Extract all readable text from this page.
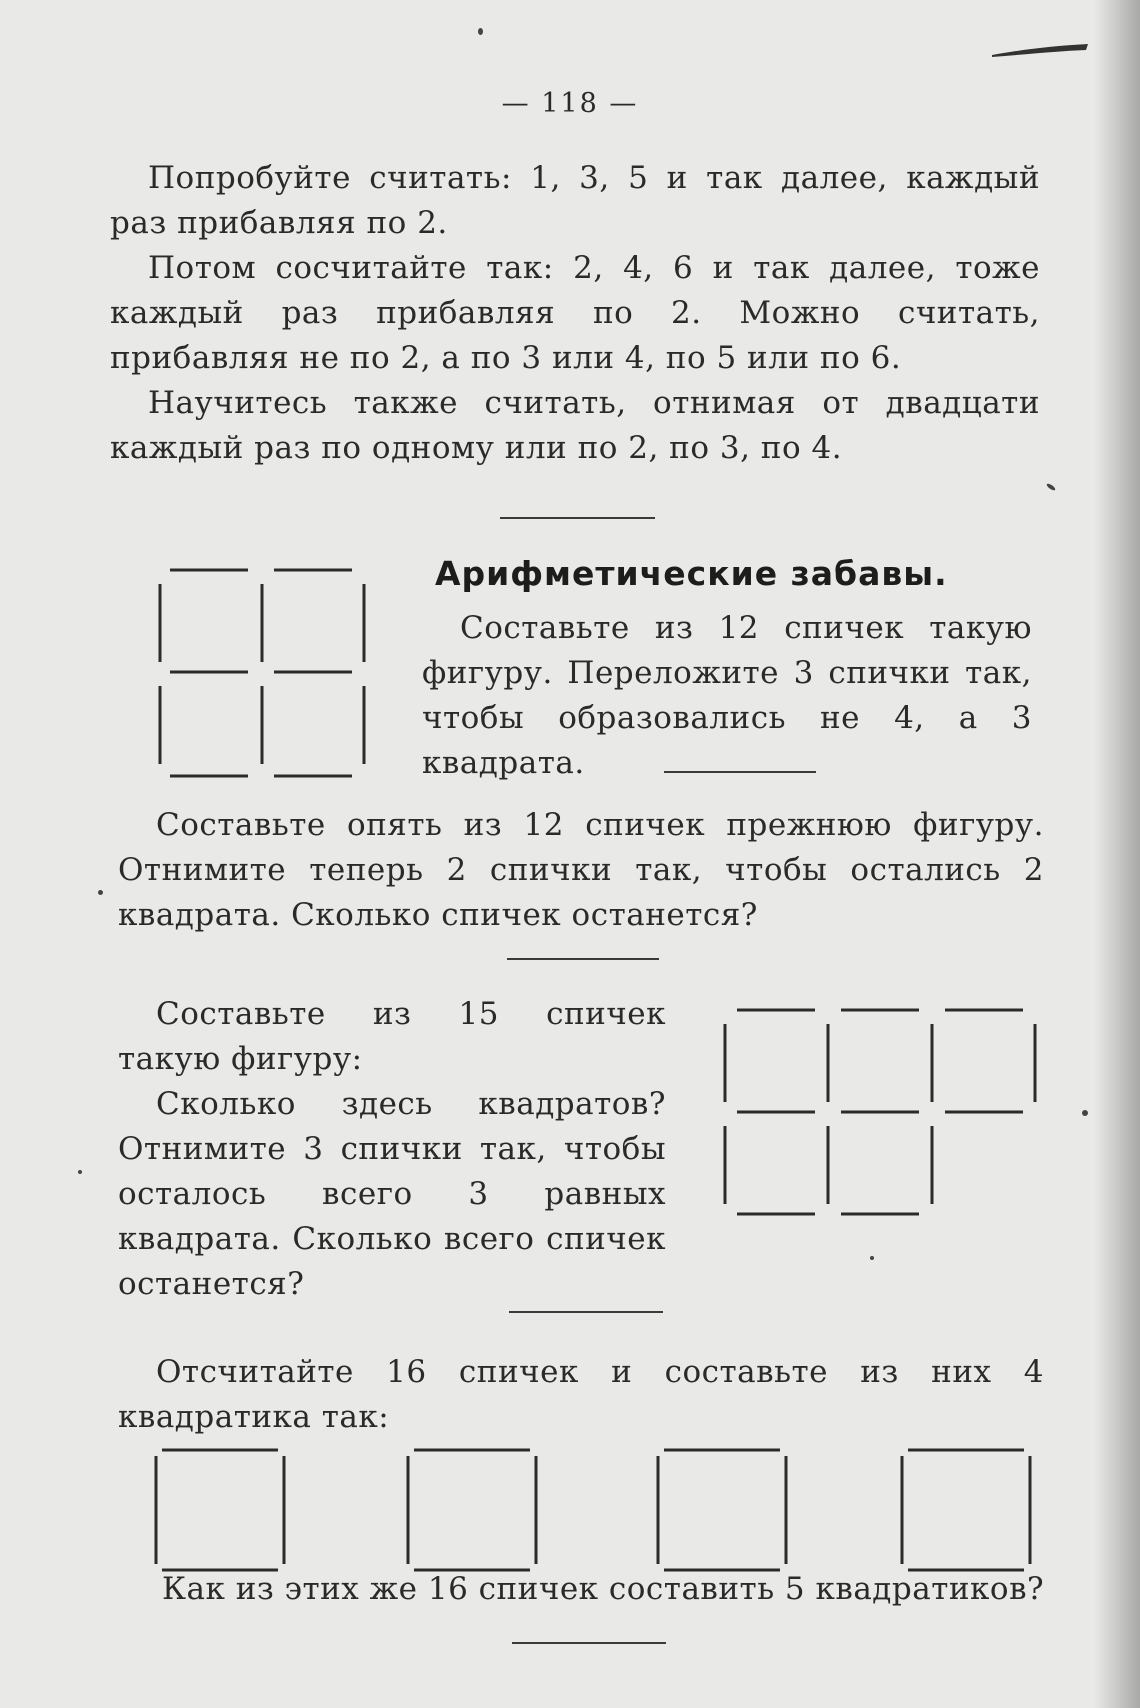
— 118 —

Попробуйте считать: 1, 3, 5 и так далее, каждый раз прибавляя по 2.

Потом сосчитайте так: 2, 4, 6 и так далее, тоже каждый раз прибавляя по 2. Можно считать, прибавляя не по 2, а по 3 или 4, по 5 или по 6.

Научитесь также считать, отнимая от двадцати каждый раз по одному или по 2, по 3, по 4.

Арифметические забавы.

Составьте из 12 спичек такую фигуру. Переложите 3 спички так, чтобы образовались не 4, а 3 квадрата.

Составьте опять из 12 спичек прежнюю фигуру. Отнимите теперь 2 спички так, чтобы остались 2 квадрата. Сколько спичек останется?

Составьте из 15 спичек такую фигуру:

Сколько здесь квадратов? Отнимите 3 спички так, чтобы осталось всего 3 равных квадрата. Сколько всего спичек останется?

Отсчитайте 16 спичек и составьте из них 4 квадратика так:

Как из этих же 16 спичек составить 5 квадратиков?
